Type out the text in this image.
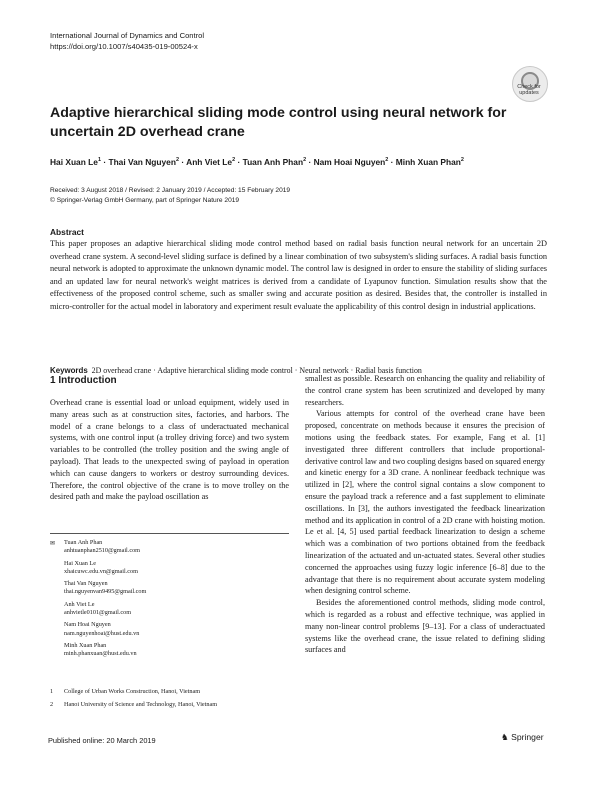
International Journal of Dynamics and Control
https://doi.org/10.1007/s40435-019-00524-x
Check for updates
Adaptive hierarchical sliding mode control using neural network for uncertain 2D overhead crane
Hai Xuan $Le^1$ · Thai Van Nguyen$^2$ · Anh Viet $Le^2$ · Tuan Anh Phan$^2$ · Nam Hoai Nguyen$^2$ · Minh Xuan Phan$^2$
Received: 3 August 2018 / Revised: 2 January 2019 / Accepted: 15 February 2019
© Springer-Verlag GmbH Germany, part of Springer Nature 2019
Abstract
This paper proposes an adaptive hierarchical sliding mode control method based on radial basis function neural network for an uncertain 2D overhead crane system. A second-level sliding surface is defined by a linear combination of two subsystem's sliding surfaces. A radial basis function neural network is adopted to approximate the unknown dynamic model. The control law is designed in order to ensure the stability of sliding surfaces and an updated law for neural network's weight matrices is derived from a candidate of Lyapunov function. Simulation results show that the effectiveness of the proposed control scheme, such as smaller swing and accurate position as desired. Besides that, the controller is installed in micro-controller for the actual model in laboratory and experiment result evaluate the applicability of this control design in industrial applications.
Keywords 2D overhead crane · Adaptive hierarchical sliding mode control · Neural network · Radial basis function
1 Introduction

Overhead crane is essential load or unload equipment, widely used in many areas such as at construction sites, factories, and harbors. The model of a crane belongs to a class of underactuated mechanical systems, with one control input (a trolley driving force) and two system variables to be controlled (the trolley position and the swing angle of payload). That leads to the unexpected swing of payload in operation which can cause dangers to workers or destroy surrounding devices. Therefore, the control objective of the crane is to move trolley on the desired path and make the payload oscillation as

✉ Tuan Anh Phan
anhtuanphan2510@gmail.com
Hai Xuan Le
xhaicuwc.edu.vn@gmail.com
Thai Van Nguyen
thai.nguyenvan9495@gmail.com
Anh Viet Le
anhvietle0101@gmail.com
Nam Hoai Nguyen
nam.nguyenhoai@hust.edu.vn
Minh Xuan Phan
minh.phanxuan@hust.edu.vn
1	College of Urban Works Construction, Hanoi, Vietnam
2	Hanoi University of Science and Technology, Hanoi, Vietnam

smallest as possible. Research on enhancing the quality and reliability of the control crane system has been scrutinized and developed by many researchers.

Various attempts for control of the overhead crane have been proposed, concentrate on methods because it ensures the precision of motions using the feedback states. For example, Fang et al. [1] investigated three different controllers that include proportional-derivative control law and two coupling designs based on squared energy and kinetic energy for a 3D crane. A nonlinear feedback technique was utilized in [2], where the control signal contains a slow component to ensure the payload track a reference and a fast supplement to eliminate oscillations. In [3], the authors investigated the feedback linearization method and its application in control of a 2D crane with hoisting motion. Le et al. [4, 5] used partial feedback linearization to design a scheme which was a combination of two portions obtained from the feedback linearization of the actuated and un-actuated states. Several other studies concerned the approaches using fuzzy logic inference [6–8] due to the advantage that there is no requirement about accurate system modeling when designing control scheme.

Besides the aforementioned control methods, sliding mode control, which is regarded as a robust and effective technique, was applied in many non-linear control problems [9–13]. For a class of underactuated systems like the overhead crane, the issue related to defining sliding surfaces and

Published online: 20 March 2019	♞ Springer
